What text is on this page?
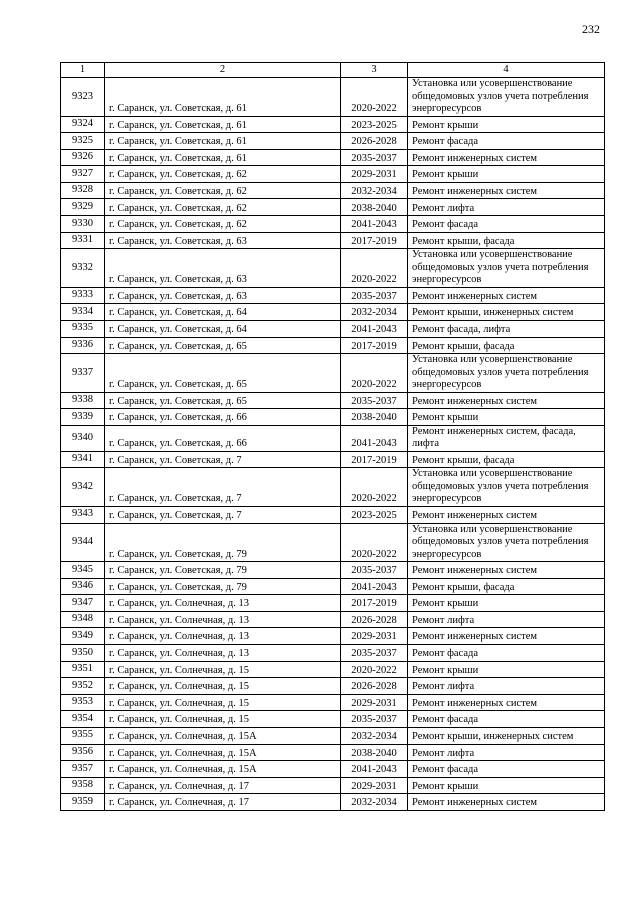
232
1	2	3	4
9323	г. Саранск, ул. Советская, д. 61	2020-2022	Установка или усовершенствование общедомовых узлов учета потребления энергоресурсов
9324	г. Саранск, ул. Советская, д. 61	2023-2025	Ремонт крыши
9325	г. Саранск, ул. Советская, д. 61	2026-2028	Ремонт фасада
9326	г. Саранск, ул. Советская, д. 61	2035-2037	Ремонт инженерных систем
9327	г. Саранск, ул. Советская, д. 62	2029-2031	Ремонт крыши
9328	г. Саранск, ул. Советская, д. 62	2032-2034	Ремонт инженерных систем
9329	г. Саранск, ул. Советская, д. 62	2038-2040	Ремонт лифта
9330	г. Саранск, ул. Советская, д. 62	2041-2043	Ремонт фасада
9331	г. Саранск, ул. Советская, д. 63	2017-2019	Ремонт крыши, фасада
9332	г. Саранск, ул. Советская, д. 63	2020-2022	Установка или усовершенствование общедомовых узлов учета потребления энергоресурсов
9333	г. Саранск, ул. Советская, д. 63	2035-2037	Ремонт инженерных систем
9334	г. Саранск, ул. Советская, д. 64	2032-2034	Ремонт крыши, инженерных систем
9335	г. Саранск, ул. Советская, д. 64	2041-2043	Ремонт фасада, лифта
9336	г. Саранск, ул. Советская, д. 65	2017-2019	Ремонт крыши, фасада
9337	г. Саранск, ул. Советская, д. 65	2020-2022	Установка или усовершенствование общедомовых узлов учета потребления энергоресурсов
9338	г. Саранск, ул. Советская, д. 65	2035-2037	Ремонт инженерных систем
9339	г. Саранск, ул. Советская, д. 66	2038-2040	Ремонт крыши
9340	г. Саранск, ул. Советская, д. 66	2041-2043	Ремонт инженерных систем, фасада, лифта
9341	г. Саранск, ул. Советская, д. 7	2017-2019	Ремонт крыши, фасада
9342	г. Саранск, ул. Советская, д. 7	2020-2022	Установка или усовершенствование общедомовых узлов учета потребления энергоресурсов
9343	г. Саранск, ул. Советская, д. 7	2023-2025	Ремонт инженерных систем
9344	г. Саранск, ул. Советская, д. 79	2020-2022	Установка или усовершенствование общедомовых узлов учета потребления энергоресурсов
9345	г. Саранск, ул. Советская, д. 79	2035-2037	Ремонт инженерных систем
9346	г. Саранск, ул. Советская, д. 79	2041-2043	Ремонт крыши, фасада
9347	г. Саранск, ул. Солнечная, д. 13	2017-2019	Ремонт крыши
9348	г. Саранск, ул. Солнечная, д. 13	2026-2028	Ремонт лифта
9349	г. Саранск, ул. Солнечная, д. 13	2029-2031	Ремонт инженерных систем
9350	г. Саранск, ул. Солнечная, д. 13	2035-2037	Ремонт фасада
9351	г. Саранск, ул. Солнечная, д. 15	2020-2022	Ремонт крыши
9352	г. Саранск, ул. Солнечная, д. 15	2026-2028	Ремонт лифта
9353	г. Саранск, ул. Солнечная, д. 15	2029-2031	Ремонт инженерных систем
9354	г. Саранск, ул. Солнечная, д. 15	2035-2037	Ремонт фасада
9355	г. Саранск, ул. Солнечная, д. 15А	2032-2034	Ремонт крыши, инженерных систем
9356	г. Саранск, ул. Солнечная, д. 15А	2038-2040	Ремонт лифта
9357	г. Саранск, ул. Солнечная, д. 15А	2041-2043	Ремонт фасада
9358	г. Саранск, ул. Солнечная, д. 17	2029-2031	Ремонт крыши
9359	г. Саранск, ул. Солнечная, д. 17	2032-2034	Ремонт инженерных систем
